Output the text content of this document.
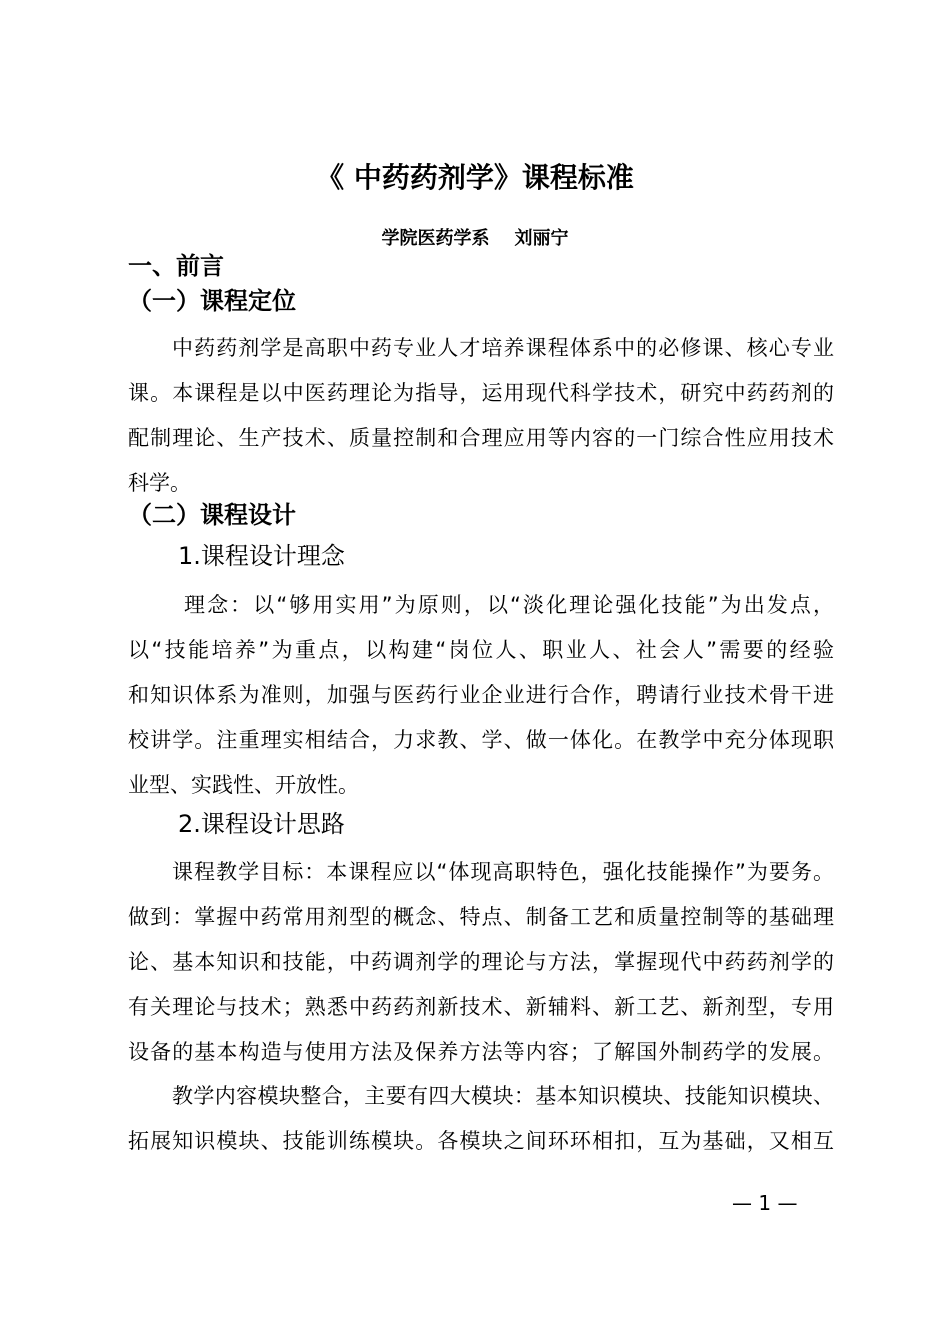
《 中药药剂学》课程标准
学院医药学系    刘丽宁
一、前言
（一）课程定位
中药药剂学是高职中药专业人才培养课程体系中的必修课、核心专业
课。本课程是以中医药理论为指导，运用现代科学技术，研究中药药剂的
配制理论、生产技术、质量控制和合理应用等内容的一门综合性应用技术
科学。
（二）课程设计
1.课程设计理念
理念：以“够用实用”为原则，以“淡化理论强化技能”为出发点，
以“技能培养”为重点，以构建“岗位人、职业人、社会人”需要的经验
和知识体系为准则，加强与医药行业企业进行合作，聘请行业技术骨干进
校讲学。注重理实相结合，力求教、学、做一体化。在教学中充分体现职
业型、实践性、开放性。
2.课程设计思路
课程教学目标：本课程应以“体现高职特色，强化技能操作”为要务。
做到：掌握中药常用剂型的概念、特点、制备工艺和质量控制等的基础理
论、基本知识和技能，中药调剂学的理论与方法，掌握现代中药药剂学的
有关理论与技术；熟悉中药药剂新技术、新辅料、新工艺、新剂型，专用
设备的基本构造与使用方法及保养方法等内容；了解国外制药学的发展。
教学内容模块整合，主要有四大模块：基本知识模块、技能知识模块、
拓展知识模块、技能训练模块。各模块之间环环相扣，互为基础，又相互
— 1 —
